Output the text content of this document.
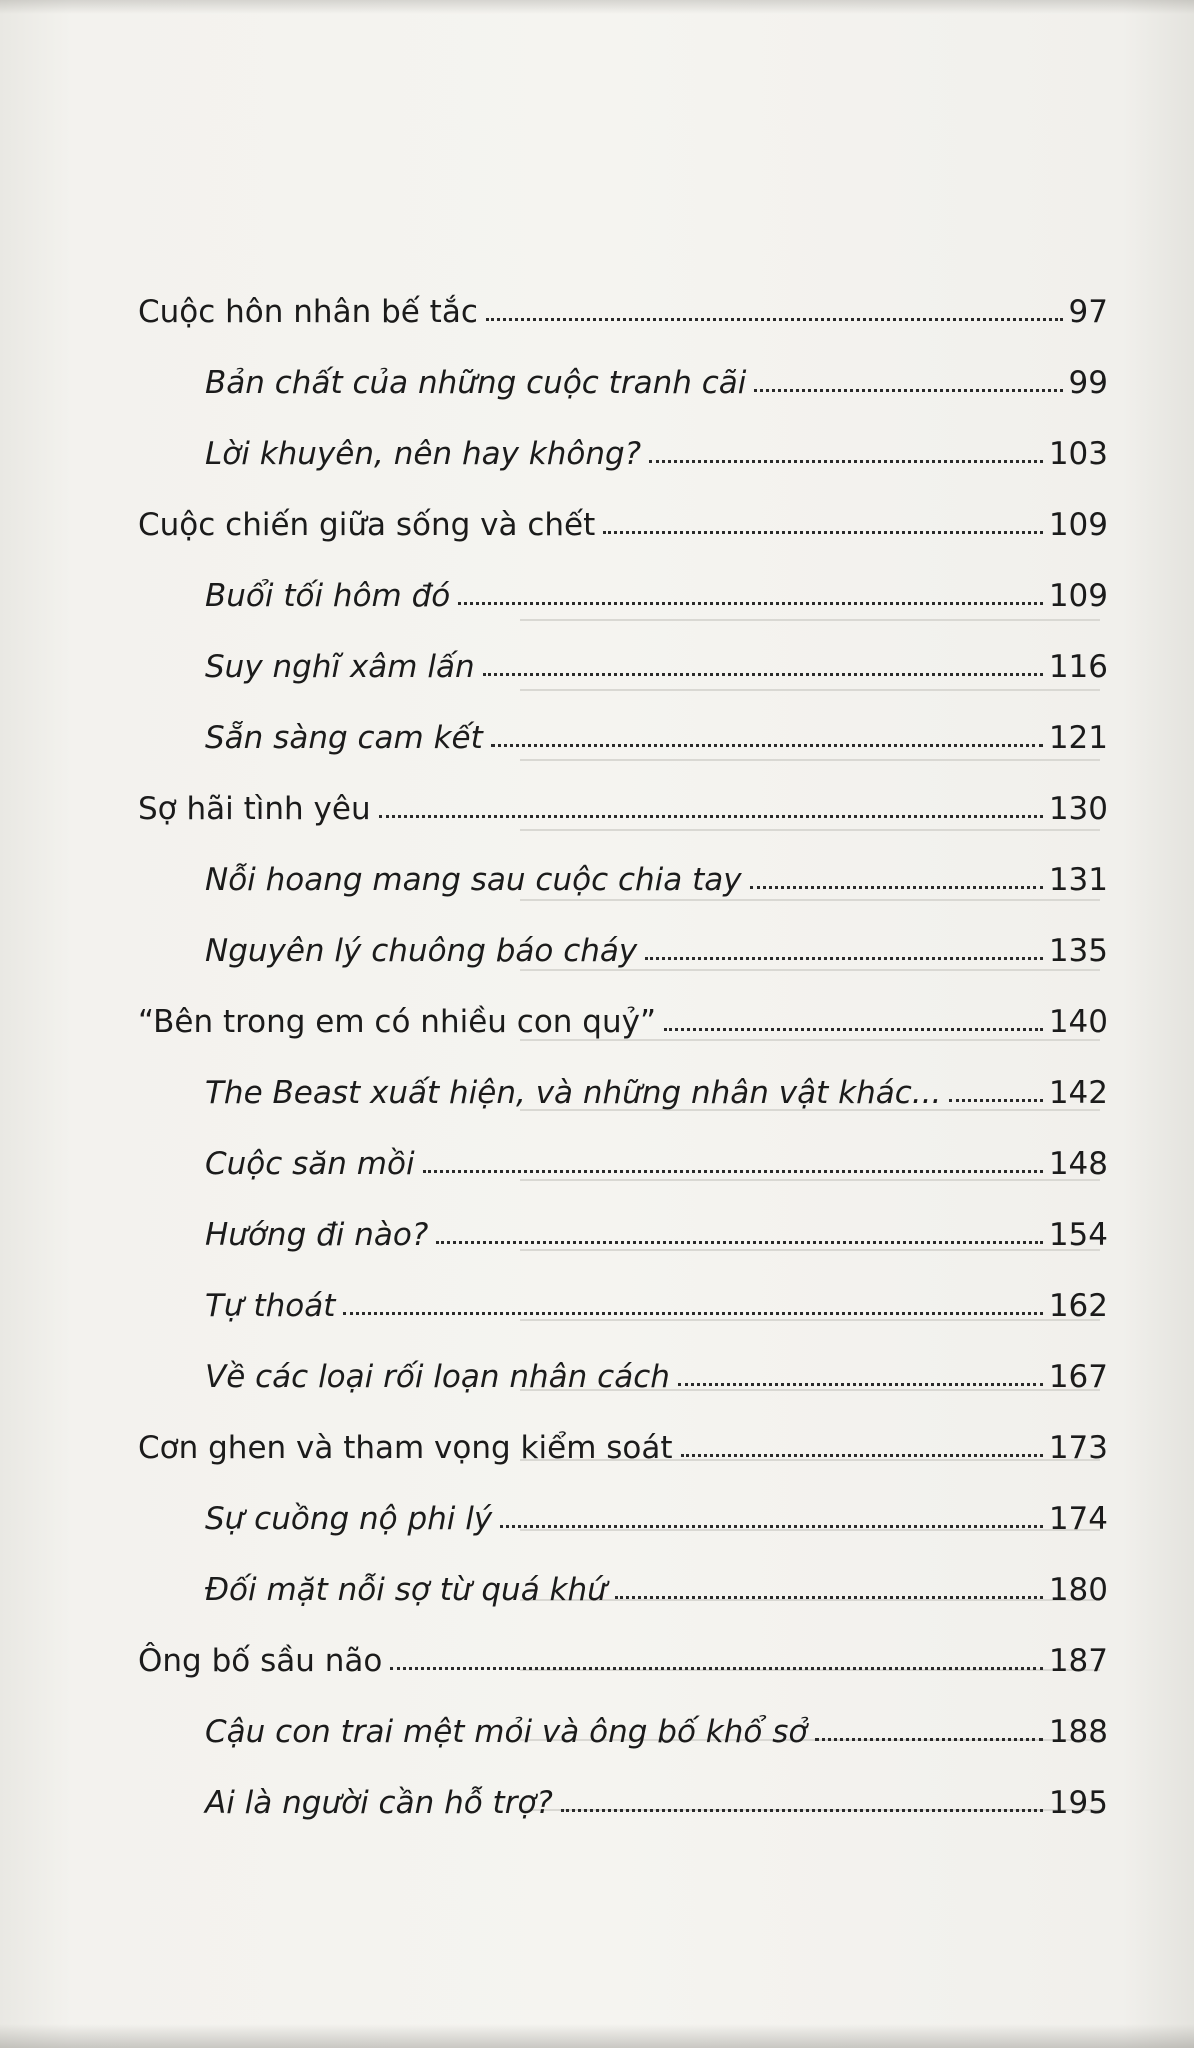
Cuộc hôn nhân bế tắc	97
Bản chất của những cuộc tranh cãi	99
Lời khuyên, nên hay không?	103
Cuộc chiến giữa sống và chết	109
Buổi tối hôm đó	109
Suy nghĩ xâm lấn	116
Sẵn sàng cam kết	121
Sợ hãi tình yêu	130
Nỗi hoang mang sau cuộc chia tay	131
Nguyên lý chuông báo cháy	135
“Bên trong em có nhiều con quỷ”	140
The Beast xuất hiện, và những nhân vật khác...	142
Cuộc săn mồi	148
Hướng đi nào?	154
Tự thoát	162
Về các loại rối loạn nhân cách	167
Cơn ghen và tham vọng kiểm soát	173
Sự cuồng nộ phi lý	174
Đối mặt nỗi sợ từ quá khứ	180
Ông bố sầu não	187
Cậu con trai mệt mỏi và ông bố khổ sở	188
Ai là người cần hỗ trợ?	195
